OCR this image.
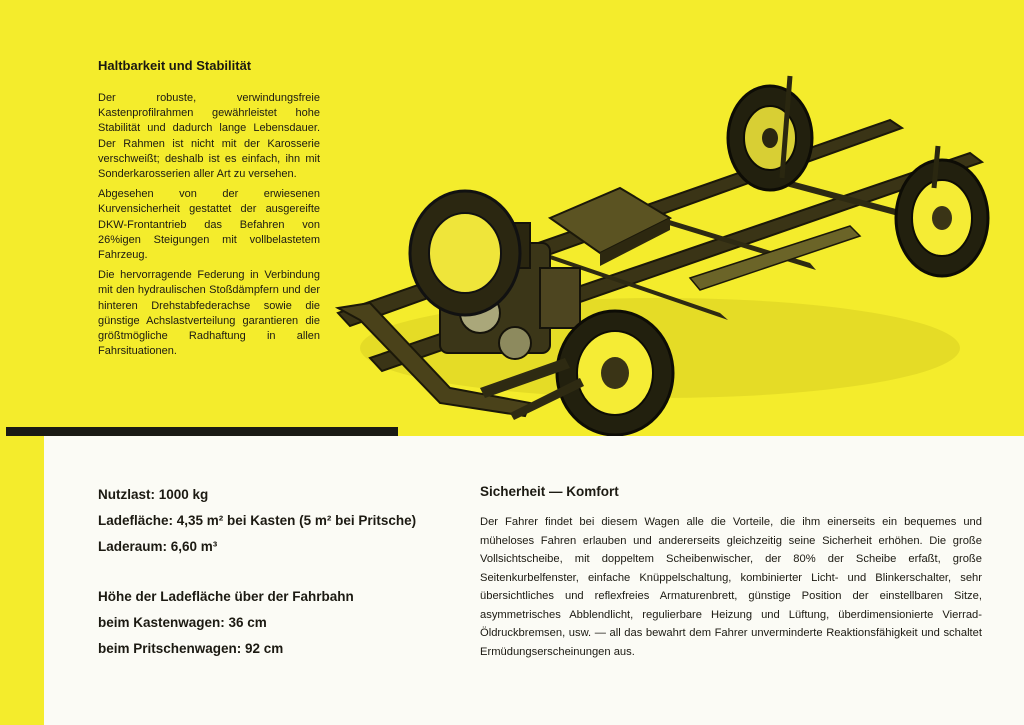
Haltbarkeit und Stabilität

Der robuste, verwindungsfreie Kastenprofilrahmen gewährleistet hohe Stabilität und dadurch lange Lebensdauer. Der Rahmen ist nicht mit der Karosserie verschweißt; deshalb ist es einfach, ihn mit Sonderkarosserien aller Art zu versehen.

Abgesehen von der erwiesenen Kurvensicherheit gestattet der ausgereifte DKW-Frontantrieb das Befahren von 26%igen Steigungen mit vollbelastetem Fahrzeug.

Die hervorragende Federung in Verbindung mit den hydraulischen Stoßdämpfern und der hinteren Drehstabfederachse sowie die günstige Achslastverteilung garantieren die größtmögliche Radhaftung in allen Fahrsituationen.

Nutzlast: 1000 kg

Ladefläche: 4,35 m² bei Kasten (5 m² bei Pritsche)

Laderaum: 6,60 m³

Höhe der Ladefläche über der Fahrbahn

beim Kastenwagen: 36 cm

beim Pritschenwagen: 92 cm

Sicherheit — Komfort

Der Fahrer findet bei diesem Wagen alle die Vorteile, die ihm einerseits ein bequemes und müheloses Fahren erlauben und andererseits gleichzeitig seine Sicherheit erhöhen. Die große Vollsichtscheibe, mit doppeltem Scheibenwischer, der 80% der Scheibe erfaßt, große Seitenkurbelfenster, einfache Knüppelschaltung, kombinierter Licht- und Blinkerschalter, sehr übersichtliches und reflexfreies Armaturenbrett, günstige Position der einstellbaren Sitze, asymmetrisches Abblendlicht, regulierbare Heizung und Lüftung, überdimensionierte Vierrad-Öldruckbremsen, usw. — all das bewahrt dem Fahrer unverminderte Reaktionsfähigkeit und schaltet Ermüdungserscheinungen aus.
